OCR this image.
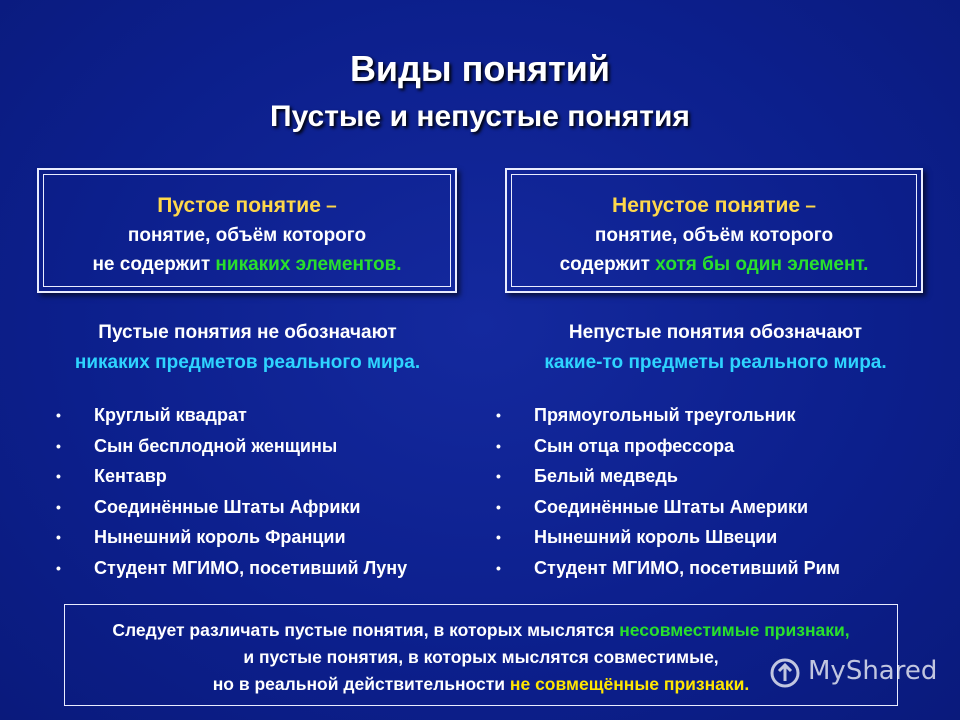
Виды понятий
Пустые и непустые понятия
Пустое понятие –
понятие, объём которого
не содержит никаких элементов.
Непустое понятие –
понятие, объём которого
содержит хотя бы один элемент.
Пустые понятия не обозначают
никаких предметов реального мира.
Непустые понятия обозначают
какие-то предметы реального мира.
• Круглый квадрат
• Сын бесплодной женщины
• Кентавр
• Соединённые Штаты Африки
• Нынешний король Франции
• Студент МГИМО, посетивший Луну
• Прямоугольный треугольник
• Сын отца профессора
• Белый медведь
• Соединённые Штаты Америки
• Нынешний король Швеции
• Студент МГИМО, посетивший Рим
Следует различать пустые понятия, в которых мыслятся несовместимые признаки,
и пустые понятия, в которых мыслятся совместимые,
но в реальной действительности не совмещённые признаки.	MyShared
